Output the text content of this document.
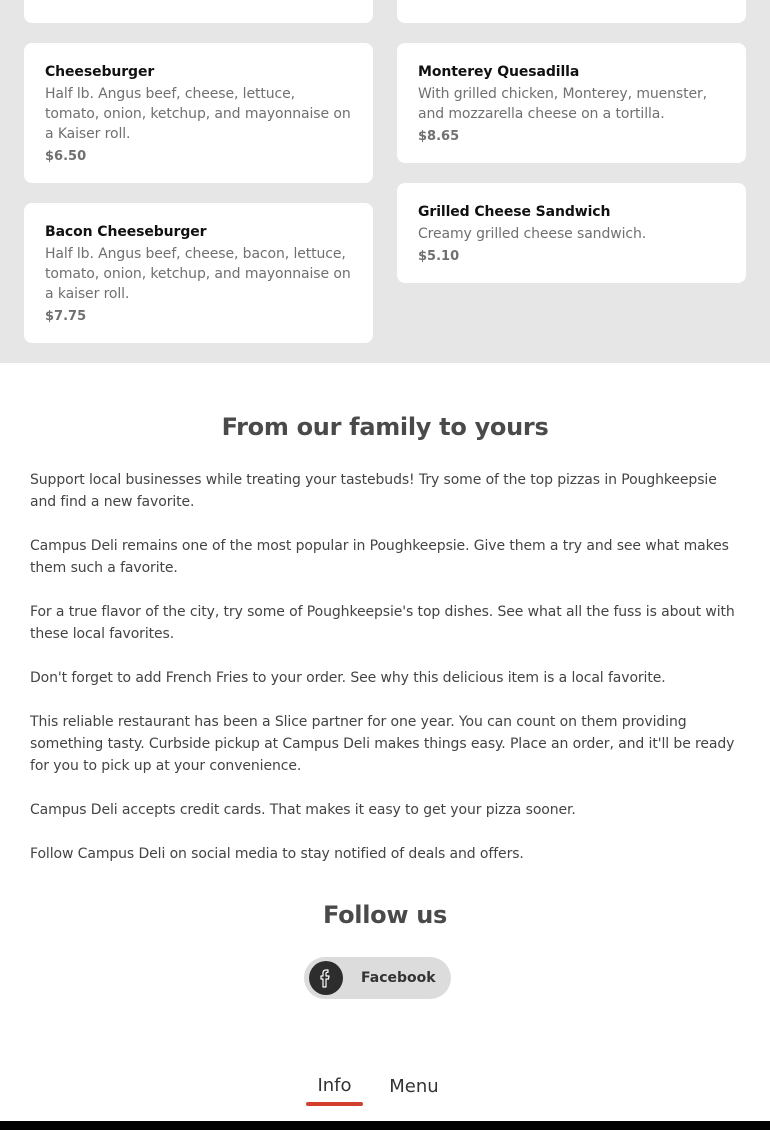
Cheeseburger
Half lb. Angus beef, cheese, lettuce, tomato, onion, ketchup, and mayonnaise on a Kaiser roll.
$6.50
Monterey Quesadilla
With grilled chicken, Monterey, muenster, and mozzarella cheese on a tortilla.
$8.65
Bacon Cheeseburger
Half lb. Angus beef, cheese, bacon, lettuce, tomato, onion, ketchup, and mayonnaise on a kaiser roll.
$7.75
Grilled Cheese Sandwich
Creamy grilled cheese sandwich.
$5.10
From our family to yours

Support local businesses while treating your tastebuds! Try some of the top pizzas in Poughkeepsie and find a new favorite.

Campus Deli remains one of the most popular in Poughkeepsie. Give them a try and see what makes them such a favorite.

For a true flavor of the city, try some of Poughkeepsie's top dishes. See what all the fuss is about with these local favorites.

Don't forget to add French Fries to your order. See why this delicious item is a local favorite.

This reliable restaurant has been a Slice partner for one year. You can count on them providing something tasty. Curbside pickup at Campus Deli makes things easy. Place an order, and it'll be ready for you to pick up at your convenience.

Campus Deli accepts credit cards. That makes it easy to get your pizza sooner.

Follow Campus Deli on social media to stay notified of deals and offers.

Follow us
Facebook
Info	Menu
